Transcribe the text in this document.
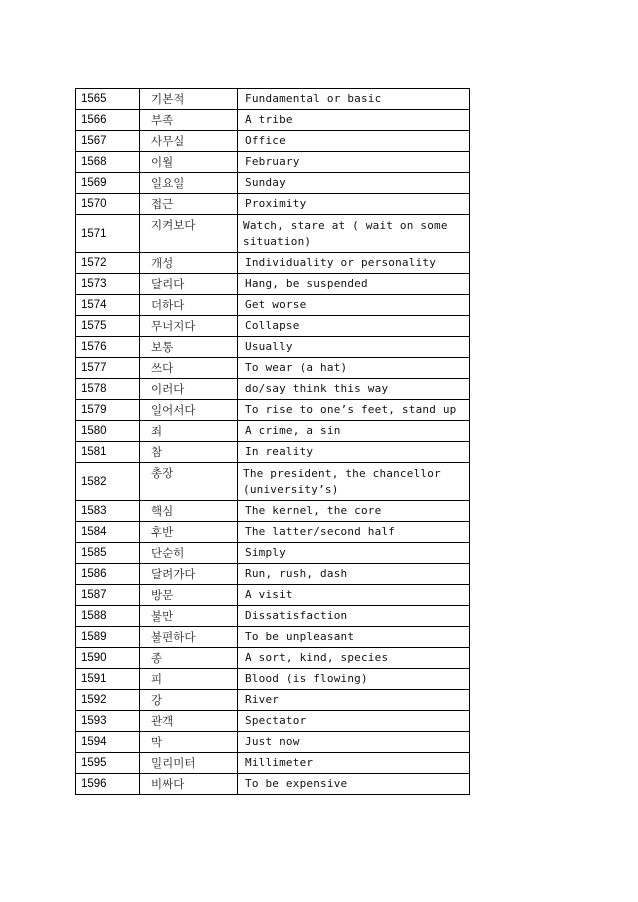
1565	기본적	Fundamental or basic
1566	부족	A tribe
1567	사무실	Office
1568	이월	February
1569	일요일	Sunday
1570	접근	Proximity
1571	지켜보다	Watch, stare at ( wait on some situation)
1572	개성	Individuality or personality
1573	달리다	Hang, be suspended
1574	더하다	Get worse
1575	무너지다	Collapse
1576	보통	Usually
1577	쓰다	To wear (a hat)
1578	이러다	do/say think this way
1579	일어서다	To rise to one’s feet, stand up
1580	죄	A crime, a sin
1581	참	In reality
1582	총장	The president, the chancellor (university’s)
1583	핵심	The kernel, the core
1584	후반	The latter/second half
1585	단순히	Simply
1586	달려가다	Run, rush, dash
1587	방문	A visit
1588	불만	Dissatisfaction
1589	불편하다	To be unpleasant
1590	종	A sort, kind, species
1591	피	Blood (is flowing)
1592	강	River
1593	관객	Spectator
1594	막	Just now
1595	밀리미터	Millimeter
1596	비싸다	To be expensive
